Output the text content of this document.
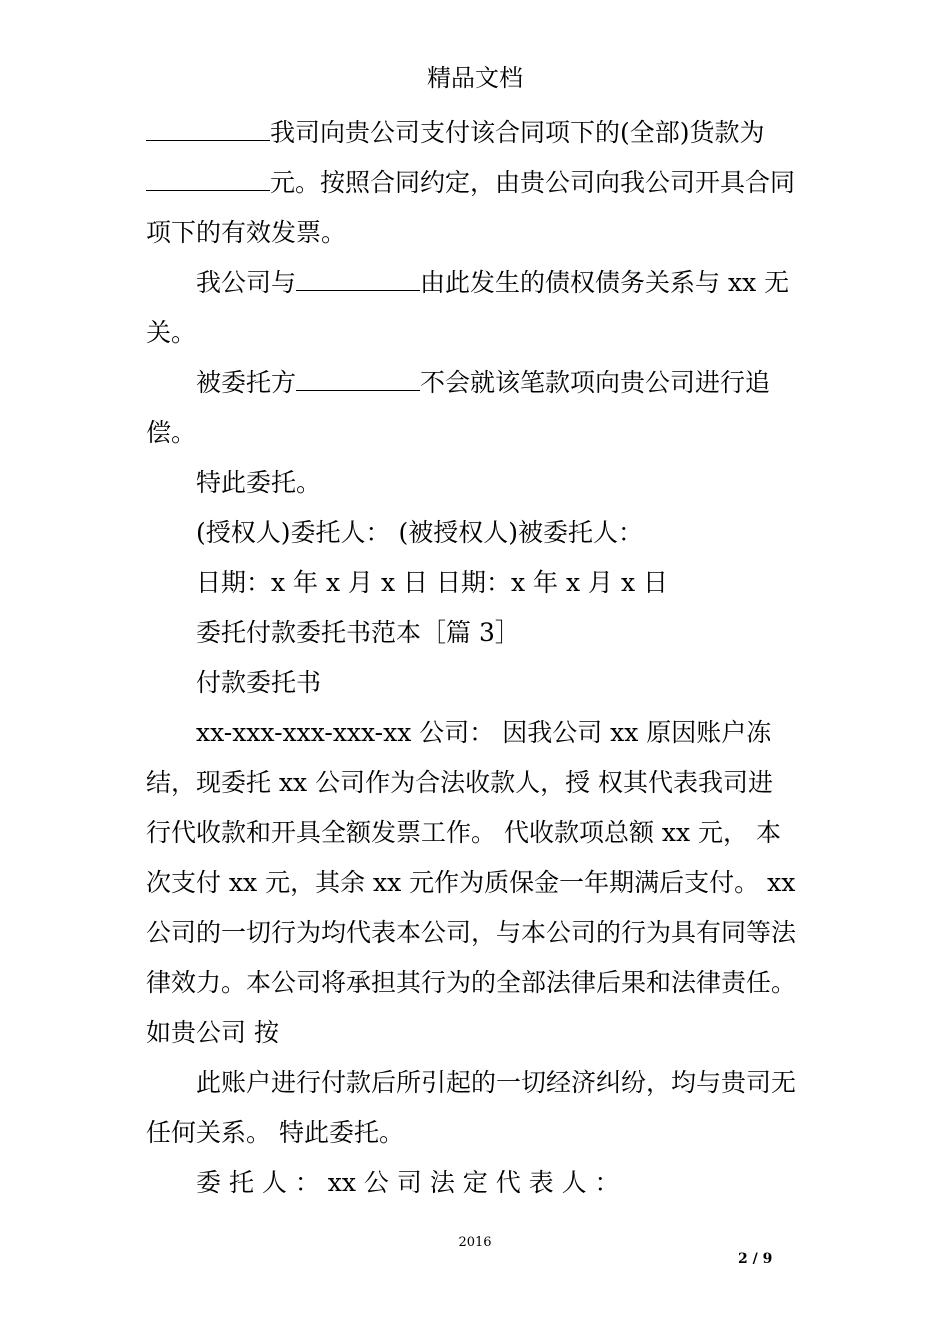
精品文档
我司向贵公司支付该合同项下的(全部)货款为
元。按照合同约定，由贵公司向我公司开具合同
项下的有效发票。
我公司与	由此发生的债权债务关系与 xx 无
关。
被委托方	不会就该笔款项向贵公司进行追
偿。
特此委托。
(授权人)委托人： (被授权人)被委托人：
日期：x 年 x 月 x 日 日期：x 年 x 月 x 日
委托付款委托书范本［篇 3］
付款委托书
xx-xxx-xxx-xxx-xx 公司： 因我公司 xx 原因账户冻
结，现委托 xx 公司作为合法收款人，授 权其代表我司进
行代收款和开具全额发票工作。 代收款项总额 xx 元， 本
次支付 xx 元，其余 xx 元作为质保金一年期满后支付。 xx
公司的一切行为均代表本公司，与本公司的行为具有同等法
律效力。本公司将承担其行为的全部法律后果和法律责任。
如贵公司 按
此账户进行付款后所引起的一切经济纠纷，均与贵司无
任何关系。 特此委托。
委 托 人 ： xx 公 司 法 定 代 表 人 ：
2016
2 / 9
